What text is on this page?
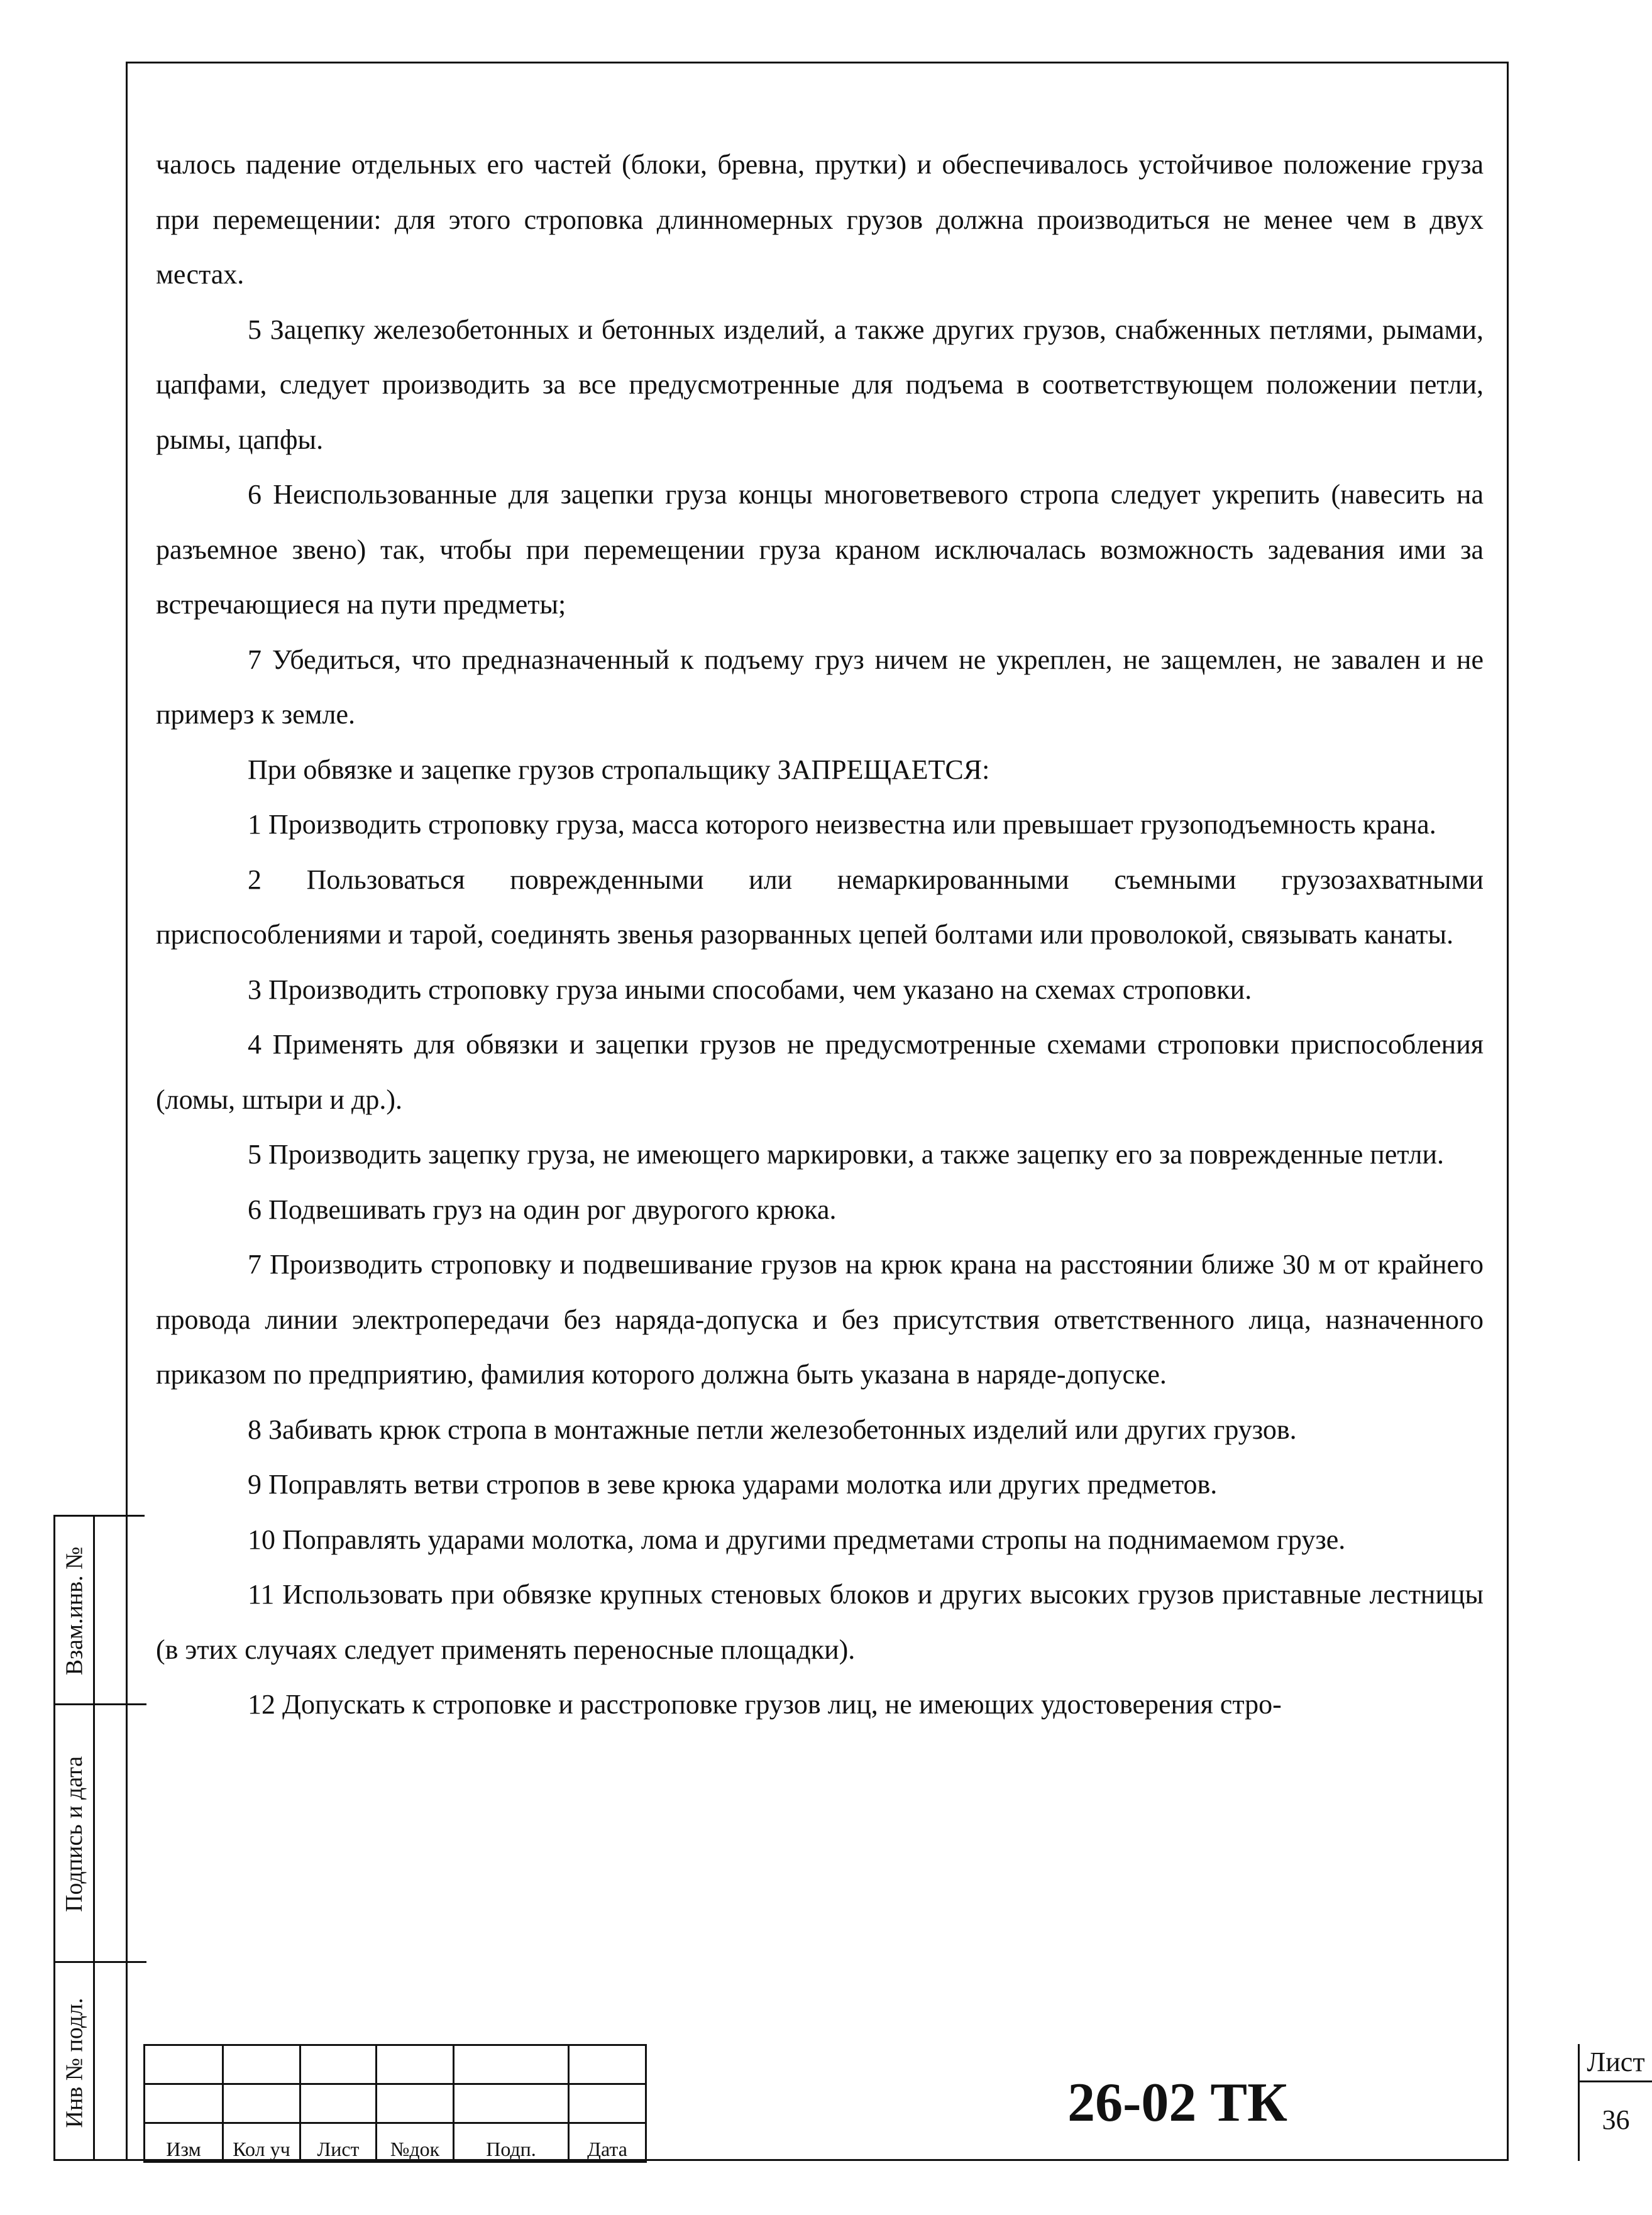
чалось падение отдельных его частей (блоки, бревна, прутки) и обеспечивалось устойчивое положение груза при перемещении: для этого строповка длинномерных грузов должна производиться не менее чем в двух местах.

5 Зацепку железобетонных и бетонных изделий, а также других грузов, снабженных петлями, рымами, цапфами, следует производить за все предусмотренные для подъема в соответствующем положении петли, рымы, цапфы.

6 Неиспользованные для зацепки груза концы многоветвевого стропа следует укрепить (навесить на разъемное звено) так, чтобы при перемещении груза краном исключалась возможность задевания ими за встречающиеся на пути предметы;

7 Убедиться, что предназначенный к подъему груз ничем не укреплен, не защемлен, не завален и не примерз к земле.

При обвязке и зацепке грузов стропальщику ЗАПРЕЩАЕТСЯ:

1 Производить строповку груза, масса которого неизвестна или превышает грузоподъемность крана.

2 Пользоваться поврежденными или немаркированными съемными грузозахватными приспособлениями и тарой, соединять звенья разорванных цепей болтами или проволокой, связывать канаты.

3 Производить строповку груза иными способами, чем указано на схемах строповки.

4 Применять для обвязки и зацепки грузов не предусмотренные схемами строповки приспособления (ломы, штыри и др.).

5 Производить зацепку груза, не имеющего маркировки, а также зацепку его за поврежденные петли.

6 Подвешивать груз на один рог двурогого крюка.

7 Производить строповку и подвешивание грузов на крюк крана на расстоянии ближе 30 м от крайнего провода линии электропередачи без наряда-допуска и без присутствия ответственного лица, назначенного приказом по предприятию, фамилия которого должна быть указана в наряде-допуске.

8 Забивать крюк стропа в монтажные петли железобетонных изделий или других грузов.

9 Поправлять ветви стропов в зеве крюка ударами молотка или других предметов.

10 Поправлять ударами молотка, лома и другими предметами стропы на поднимаемом грузе.

11 Использовать при обвязке крупных стеновых блоков и других высоких грузов приставные лестницы (в этих случаях следует применять переносные площадки).

12 Допускать к строповке и расстроповке грузов лиц, не имеющих удостоверения стро-

Взам.инв. №
Подпись и дата
Инв № подл.

Изм	Кол уч	Лист	№док	Подп.	Дата
26-02 ТК
Лист
36
